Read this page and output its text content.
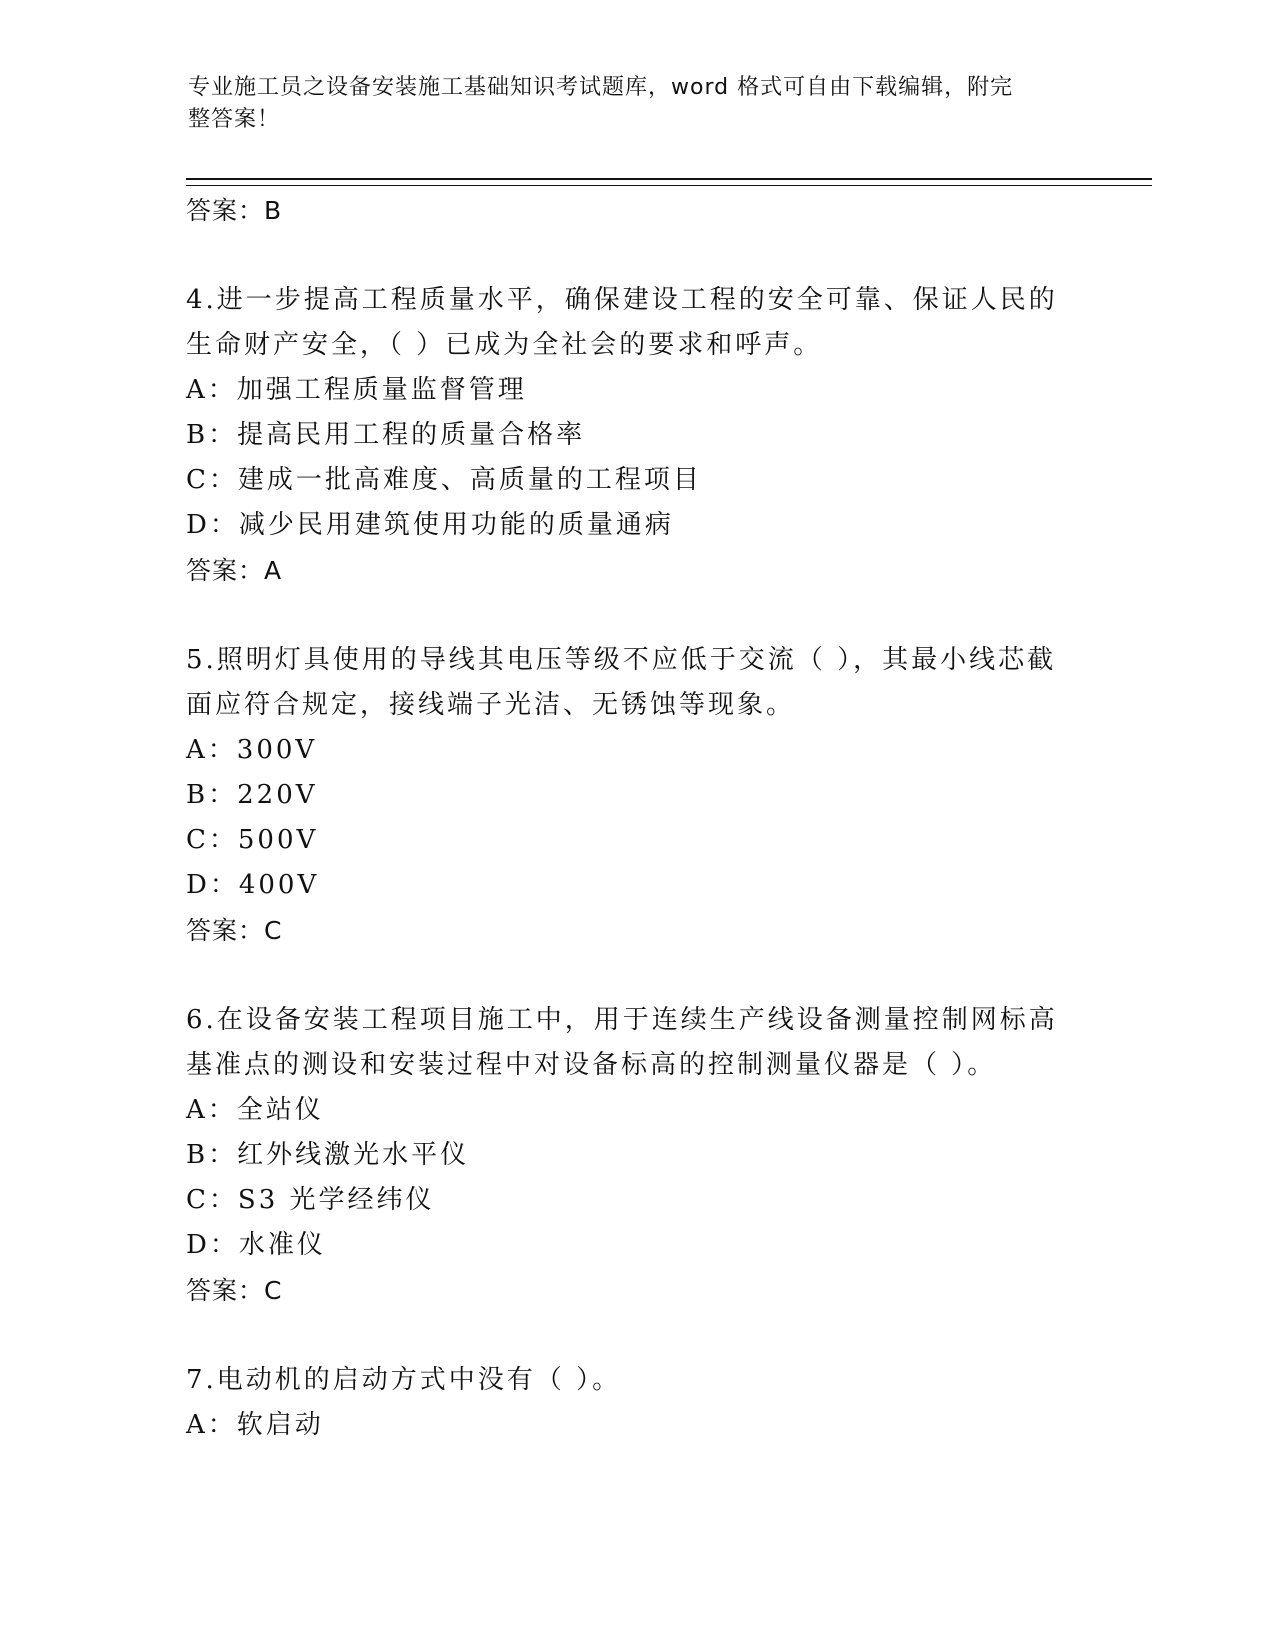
专业施工员之设备安装施工基础知识考试题库，word 格式可自由下载编辑，附完
整答案！
答案：B
4.进一步提高工程质量水平，确保建设工程的安全可靠、保证人民的
生命财产安全，（ ）已成为全社会的要求和呼声。
A：加强工程质量监督管理
B：提高民用工程的质量合格率
C：建成一批高难度、高质量的工程项目
D：减少民用建筑使用功能的质量通病
答案：A
5.照明灯具使用的导线其电压等级不应低于交流（ ），其最小线芯截
面应符合规定，接线端子光洁、无锈蚀等现象。
A：300V
B：220V
C：500V
D：400V
答案：C
6.在设备安装工程项目施工中，用于连续生产线设备测量控制网标高
基准点的测设和安装过程中对设备标高的控制测量仪器是（ ）。
A：全站仪
B：红外线激光水平仪
C：S3 光学经纬仪
D：水准仪
答案：C
7.电动机的启动方式中没有（ ）。
A：软启动
